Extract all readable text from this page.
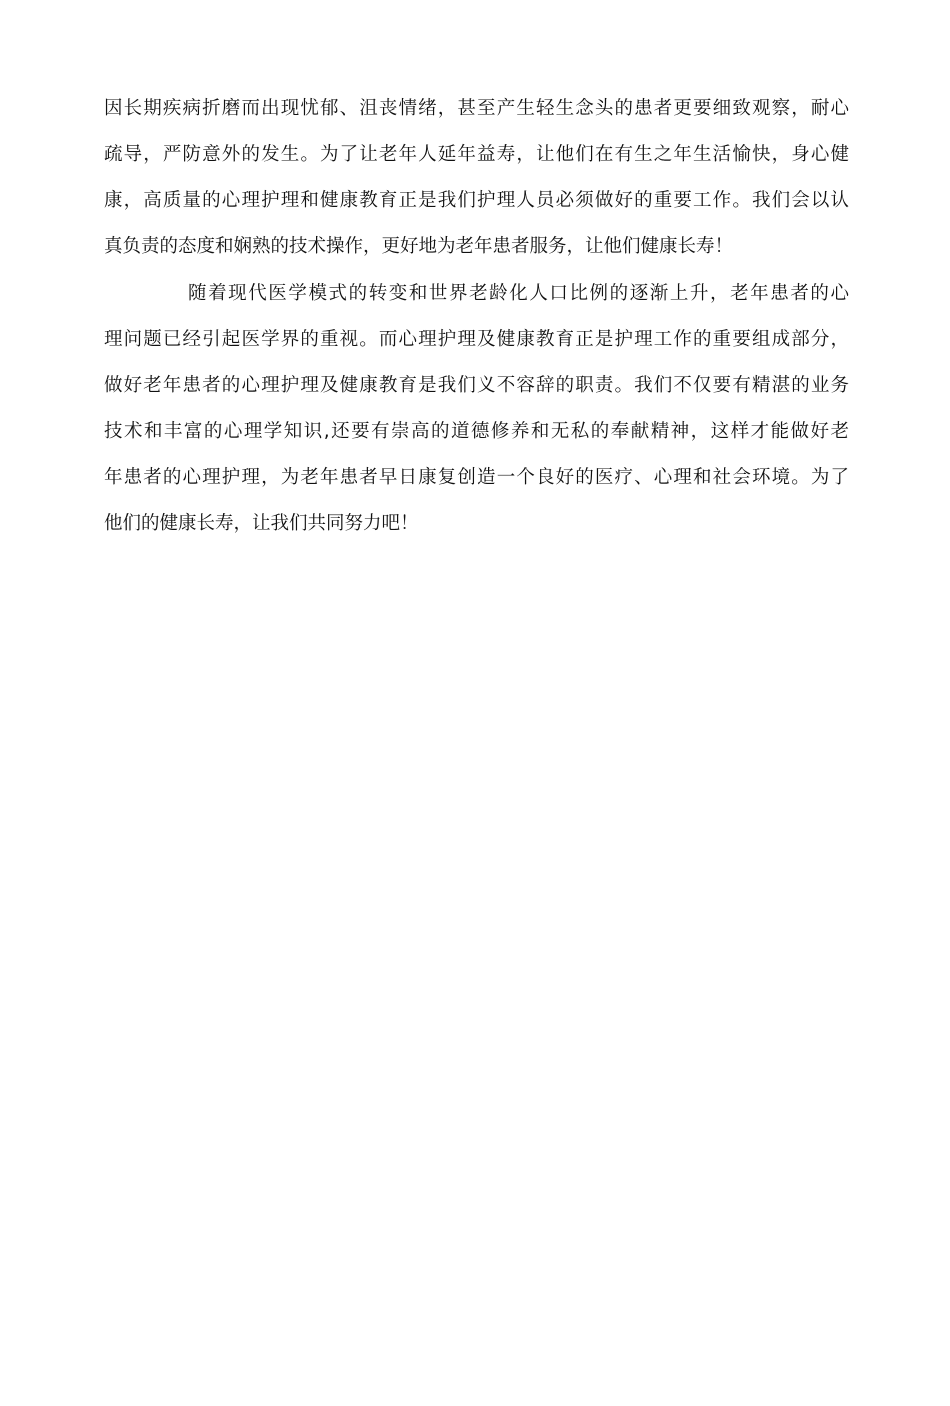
因长期疾病折磨而出现忧郁、沮丧情绪，甚至产生轻生念头的患者更要细致观察，耐心
疏导，严防意外的发生。为了让老年人延年益寿，让他们在有生之年生活愉快，身心健
康，高质量的心理护理和健康教育正是我们护理人员必须做好的重要工作。我们会以认
真负责的态度和娴熟的技术操作，更好地为老年患者服务，让他们健康长寿！
随着现代医学模式的转变和世界老龄化人口比例的逐渐上升，老年患者的心
理问题已经引起医学界的重视。而心理护理及健康教育正是护理工作的重要组成部分，
做好老年患者的心理护理及健康教育是我们义不容辞的职责。我们不仅要有精湛的业务
技术和丰富的心理学知识,还要有崇高的道德修养和无私的奉献精神，这样才能做好老
年患者的心理护理，为老年患者早日康复创造一个良好的医疗、心理和社会环境。为了
他们的健康长寿，让我们共同努力吧！
